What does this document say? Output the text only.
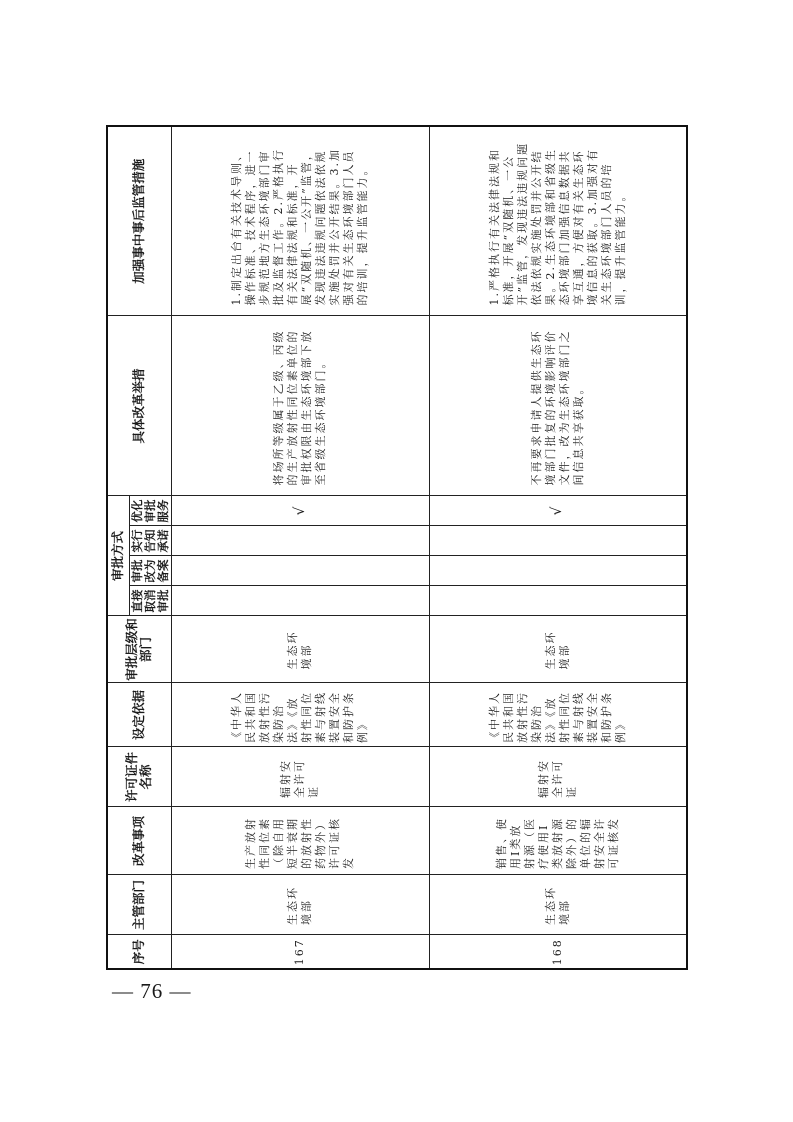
序号	主管部门	改革事项	许可证件名称	设定依据	审批层级和部门	审批方式				具体改革举措	加强事中事后监管措施
						直接取消审批	审批改为备案	实行告知承诺	优化审批服务		
167	生态环境部	生产放射性同位素（除自用短半衰期的放射性药物外）许可证核发	辐射安全许可证	《中华人民共和国放射性污染防治法》《放射性同位素与射线装置安全和防护条例》	生态环境部				√	将场所等级属于乙级、丙级的生产放射性同位素单位的审批权限由生态环境部下放至省级生态环境部门。	1.制定出台有关技术导则、操作标准、技术程序，进一步规范地方生态环境部门审批及监督工作。2.严格执行有关法律法规和标准，开展“双随机、一公开”监管，发现违法违规问题依法依规实施处罚并公开结果。3.加强对有关生态环境部门人员的培训，提升监管能力。

168	生态环境部	销售、使用Ⅰ类放射源（医疗使用Ⅰ类放射源除外）的单位的辐射安全许可证核发	辐射安全许可证	《中华人民共和国放射性污染防治法》《放射性同位素与射线装置安全和防护条例》	生态环境部				√	不再要求申请人提供生态环境部门批复的环境影响评价文件，改为生态环境部门之间信息共享获取。	1.严格执行有关法律法规和标准，开展“双随机、一公开”监管，发现违法违规问题依法依规实施处罚并公开结果。2.生态环境部和省级生态环境部门加强信息数据共享互通，方便对有关生态环境信息的获取。3.加强对有关生态环境部门人员的培训，提升监管能力。
— 76 —
